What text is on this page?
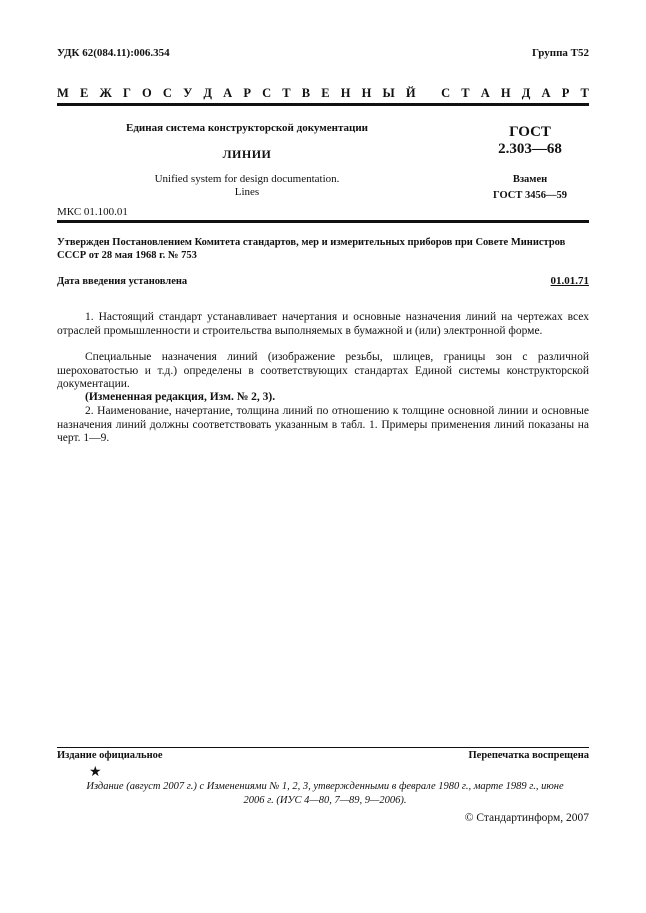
УДК 62(084.11):006.354	Группа Т52
М Е Ж Г О С У Д А Р С Т В Е Н Н Ы Й
С Т А Н Д А Р Т
Единая система конструкторской документации
ЛИНИИ
Unified system for design documentation.
Lines
ГОСТ
2.303—68
Взамен
ГОСТ 3456—59
МКС 01.100.01
Утвержден Постановлением Комитета стандартов, мер и измерительных приборов при Совете Министров СССР от 28 мая 1968 г. № 753
Дата введения установлена	01.01.71
1. Настоящий стандарт устанавливает начертания и основные назначения линий на чертежах всех отраслей промышленности и строительства выполняемых в бумажной и (или) электронной форме.
Специальные назначения линий (изображение резьбы, шлицев, границы зон с различной шероховатостью и т.д.) определены в соответствующих стандартах Единой системы конструкторской документации.
(Измененная редакция, Изм. № 2, 3).
2. Наименование, начертание, толщина линий по отношению к толщине основной линии и основные назначения линий должны соответствовать указанным в табл. 1. Примеры применения линий показаны на черт. 1—9.
Издание официальное	Перепечатка воспрещена
★
Издание (август 2007 г.) с Изменениями № 1, 2, 3, утвержденными в феврале 1980 г., марте 1989 г., июне 2006 г. (ИУС 4—80, 7—89, 9—2006).
© Стандартинформ, 2007
